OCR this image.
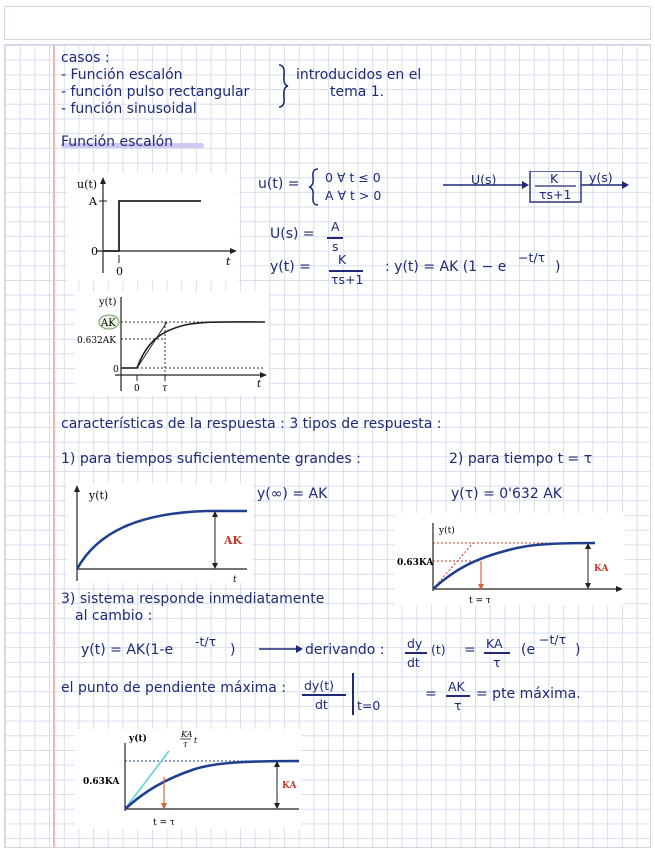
casos :
- Función escalón
- función pulso rectangular
- función sinusoidal
introducidos en el
tema 1.
Función escalón
u(t)
A
0
0
t
u(t) = 0 ∀ t ≤ 0
A ∀ t > 0
U(s)	K
τs+1
y(s)
U(s) = A
s
y(t) = K
τs+1
: y(t) = AK (1 − e
−t/τ
)
y(t)
AK
0.632AK
0
0 τ	t
características de la respuesta : 3 tipos de respuesta :
1) para tiempos suficientemente grandes :	2) para tiempo t = τ
y(∞) = AK	y(τ) = 0'632 AK
y(t)
AK
t
y(t)
0.63KA
KA
t = τ
3) sistema responde inmediatamente
al cambio :
y(t) = AK(1-e
-t/τ
)	derivando : dy
dt
(t) = KA
τ
(e
−t/τ
)
el punto de pendiente máxima : dy(t)
dt t=0
= AK
τ
= pte máxima.
y(t)	KA
τ t
0.63KA	KA
t = τ
